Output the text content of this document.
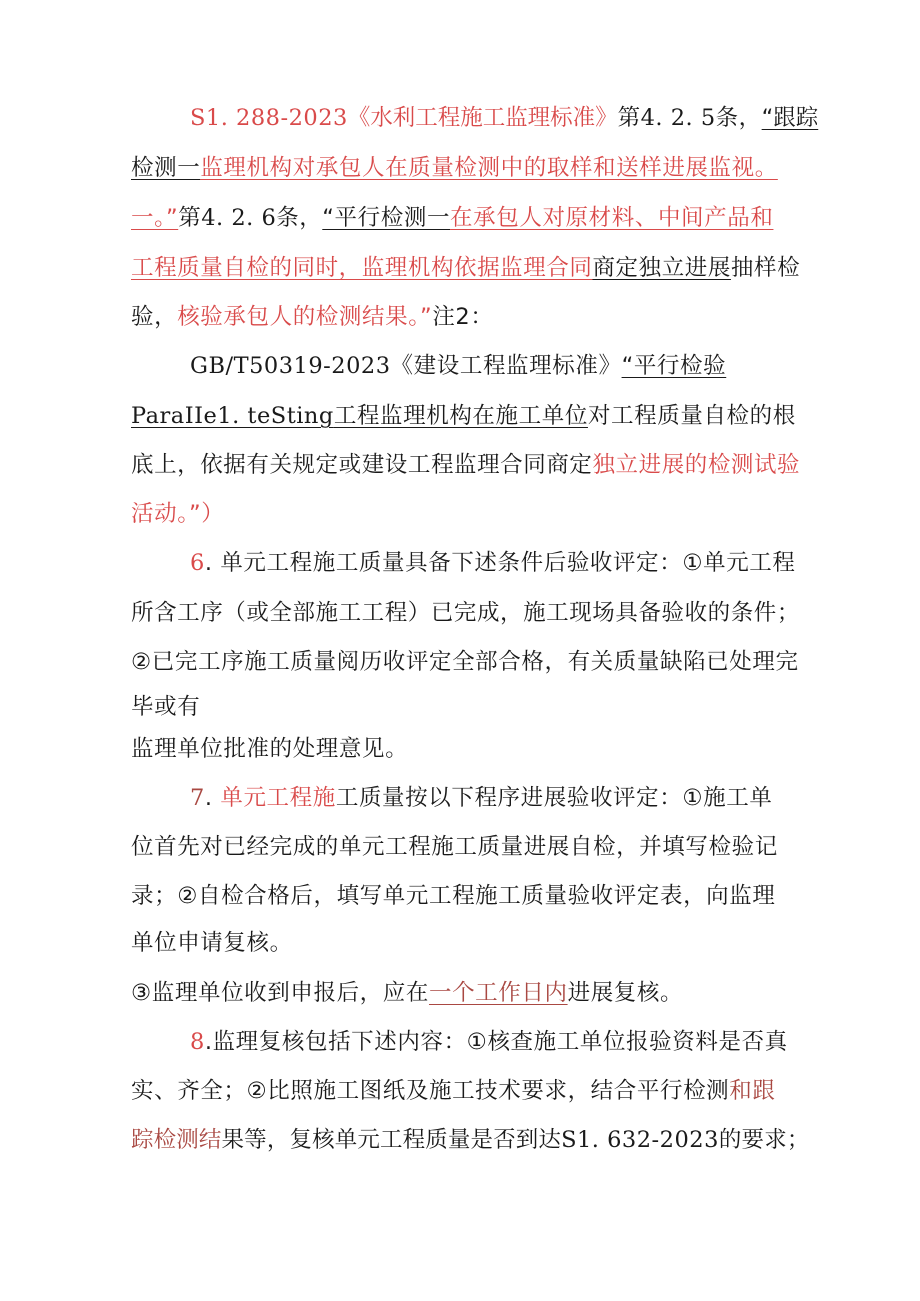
S1. 288-2023《水利工程施工监理标准》第4. 2. 5条，“跟踪
检测一监理机构对承包人在质量检测中的取样和送样进展监视。
一。”第4. 2. 6条，“平行检测一在承包人对原材料、中间产品和
工程质量自检的同时，监理机构依据监理合同商定独立进展抽样检
验，核验承包人的检测结果。”注2：
GB/T50319-2023《建设工程监理标准》“平行检验
ParaIIe1. teSting工程监理机构在施工单位对工程质量自检的根
底上，依据有关规定或建设工程监理合同商定独立进展的检测试验
活动。”）
6. 单元工程施工质量具备下述条件后验收评定：①单元工程
所含工序（或全部施工工程）已完成，施工现场具备验收的条件；
②已完工序施工质量阅历收评定全部合格，有关质量缺陷已处理完
毕或有
监理单位批准的处理意见。
7. 单元工程施工质量按以下程序进展验收评定：①施工单
位首先对已经完成的单元工程施工质量进展自检，并填写检验记
录；②自检合格后，填写单元工程施工质量验收评定表，向监理
单位申请复核。
③监理单位收到申报后，应在一个工作日内进展复核。
8.监理复核包括下述内容：①核查施工单位报验资料是否真
实、齐全；②比照施工图纸及施工技术要求，结合平行检测和跟
踪检测结果等，复核单元工程质量是否到达S1. 632-2023的要求；
